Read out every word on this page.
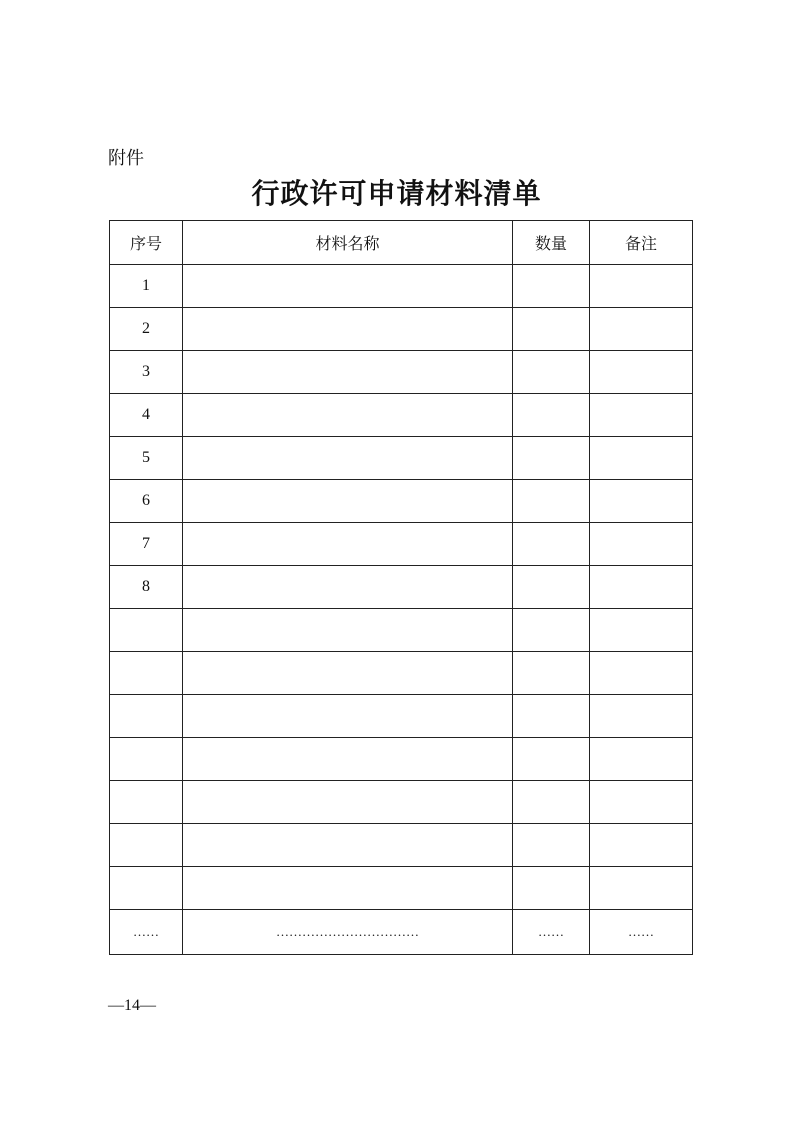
附件
行政许可申请材料清单
序号	材料名称	数量	备注
1			
2			
3			
4			
5			
6			
7			
8			

……	……………………………	……	……
—14—
